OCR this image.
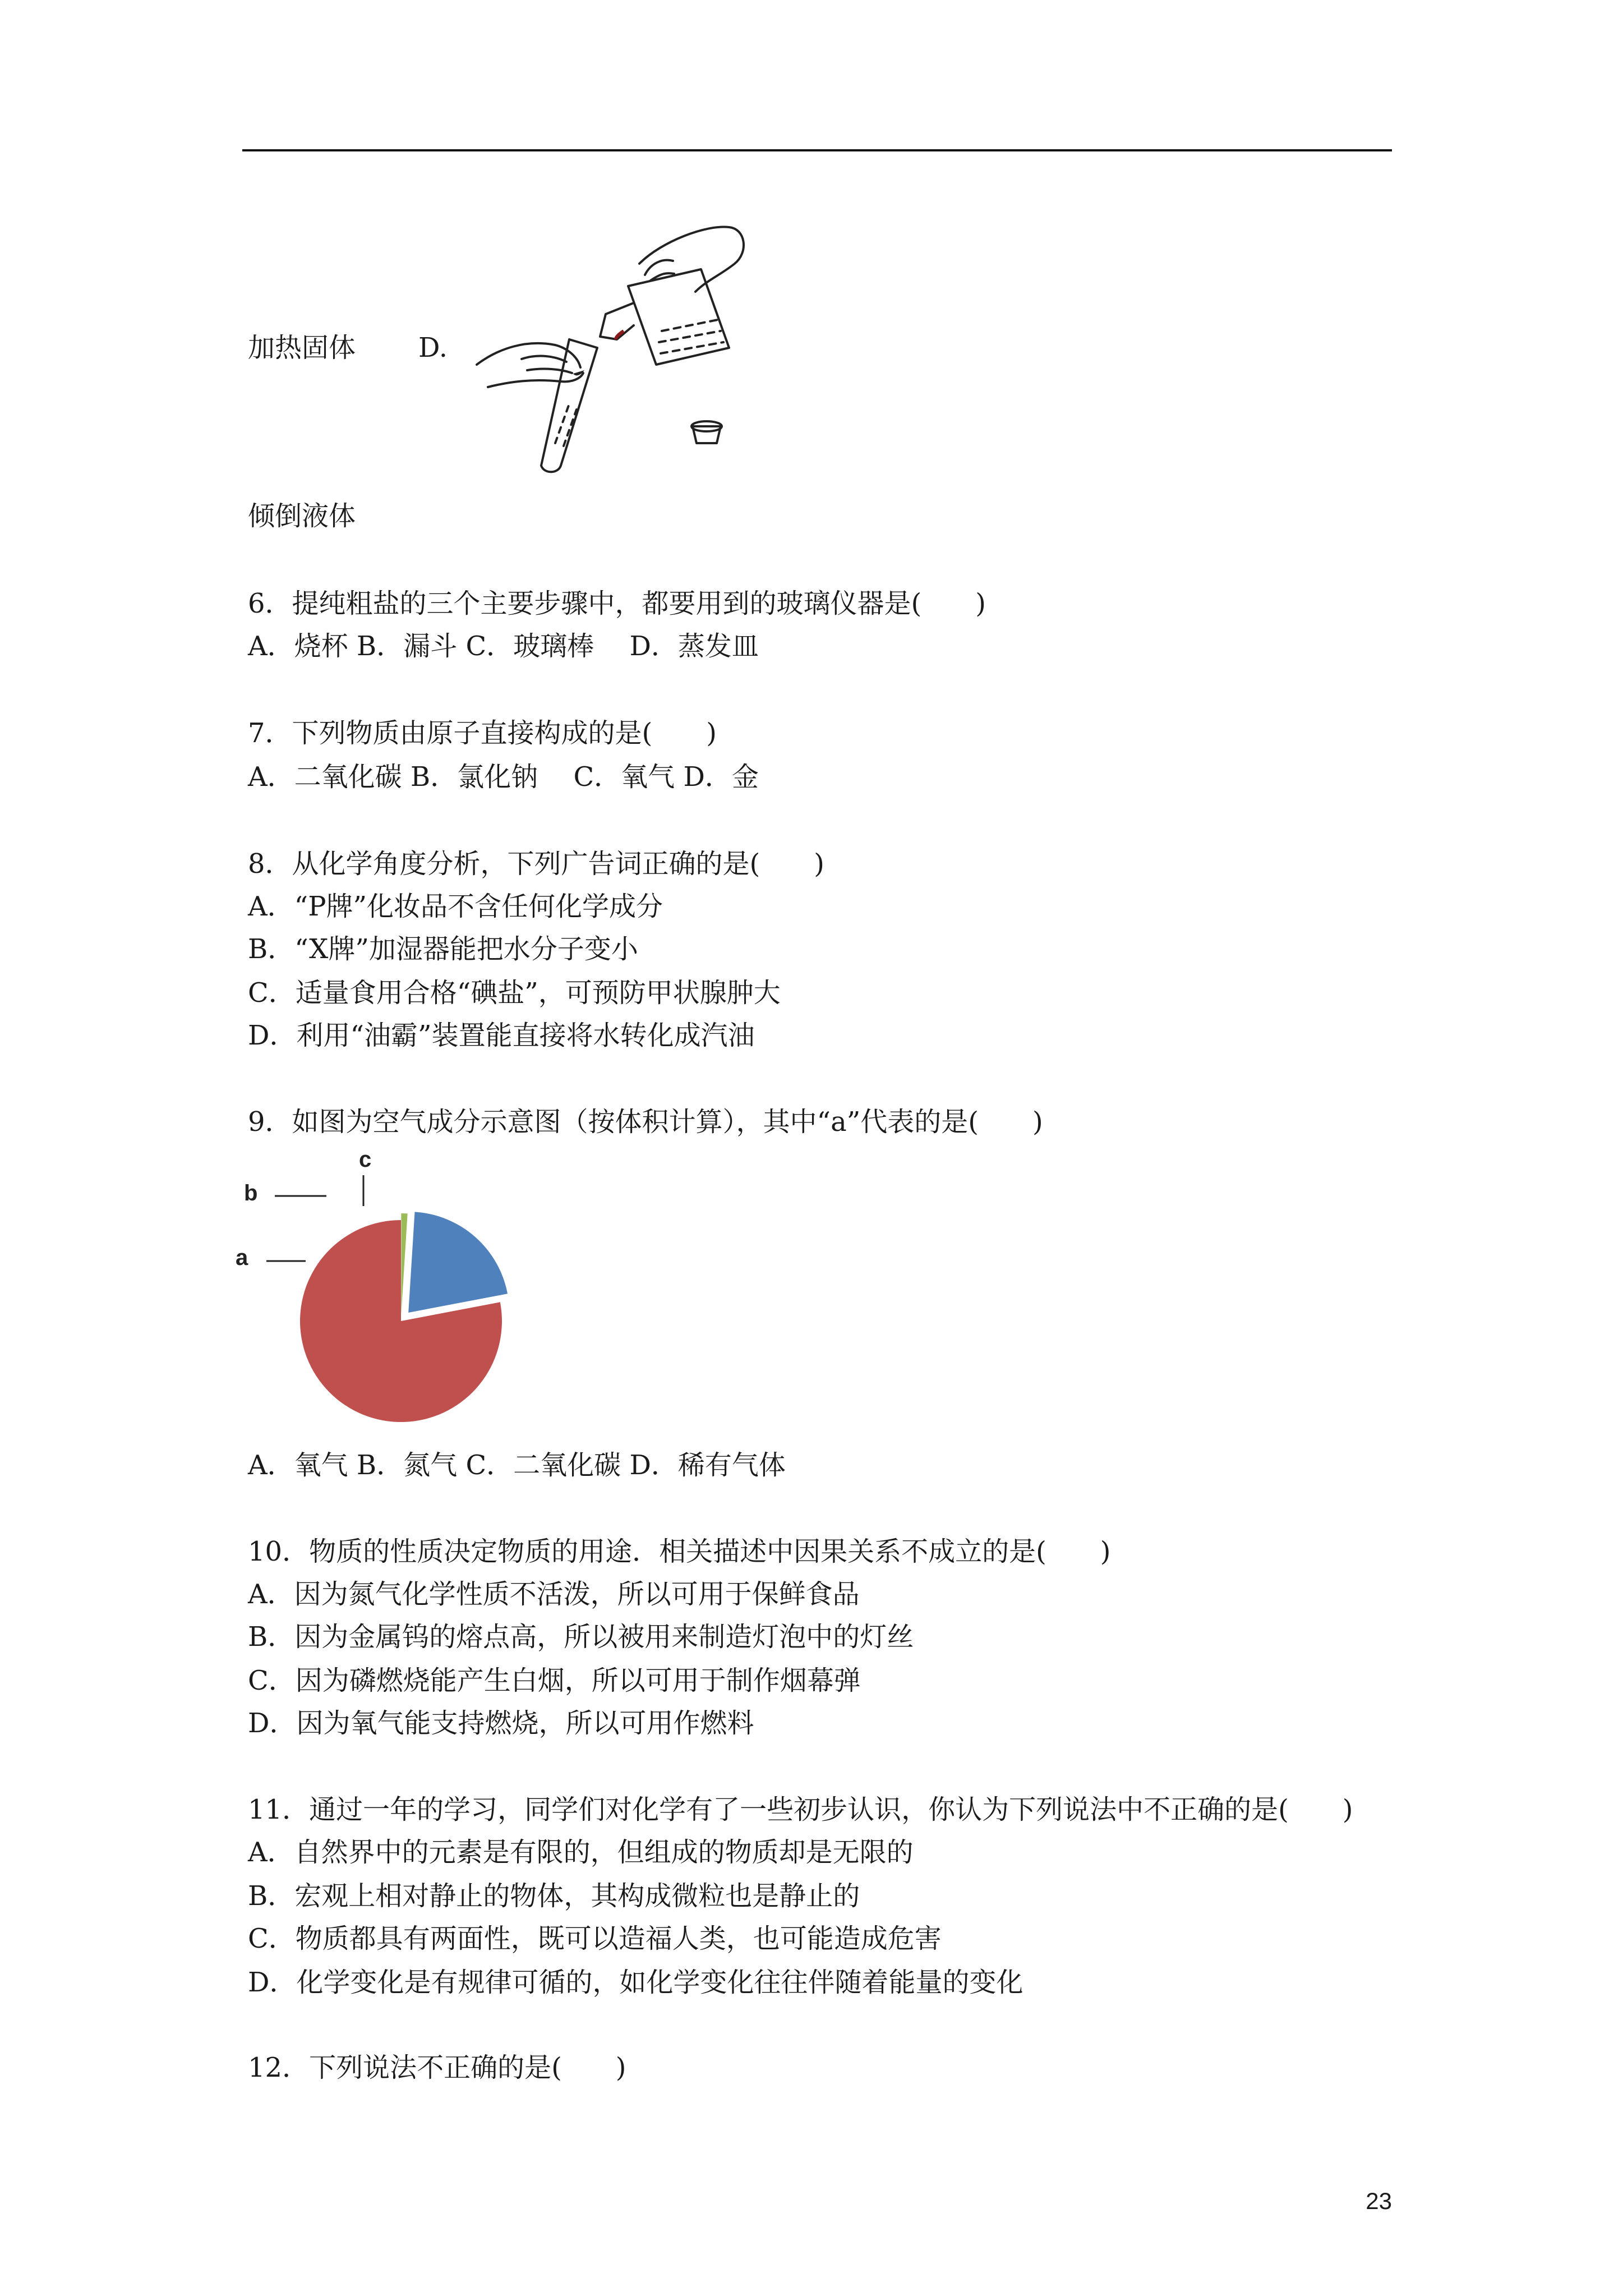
加热固体 D.
倾倒液体
6．提纯粗盐的三个主要步骤中，都要用到的玻璃仪器是(　　)
A．烧杯 B．漏斗 C．玻璃棒　 D．蒸发皿
7．下列物质由原子直接构成的是(　　)
A．二氧化碳 B．氯化钠　 C．氧气 D．金
8．从化学角度分析，下列广告词正确的是(　　)
A．“P牌”化妆品不含任何化学成分
B．“X牌”加湿器能把水分子变小
C．适量食用合格“碘盐”，可预防甲状腺肿大
D．利用“油霸”装置能直接将水转化成汽油
9．如图为空气成分示意图（按体积计算），其中“a”代表的是(　　)
a
b
c
A．氧气 B．氮气 C．二氧化碳 D．稀有气体
10．物质的性质决定物质的用途．相关描述中因果关系不成立的是(　　)
A．因为氮气化学性质不活泼，所以可用于保鲜食品
B．因为金属钨的熔点高，所以被用来制造灯泡中的灯丝
C．因为磷燃烧能产生白烟，所以可用于制作烟幕弹
D．因为氧气能支持燃烧，所以可用作燃料
11．通过一年的学习，同学们对化学有了一些初步认识，你认为下列说法中不正确的是(　　)
A．自然界中的元素是有限的，但组成的物质却是无限的
B．宏观上相对静止的物体，其构成微粒也是静止的
C．物质都具有两面性，既可以造福人类，也可能造成危害
D．化学变化是有规律可循的，如化学变化往往伴随着能量的变化
12．下列说法不正确的是(　　)
23
